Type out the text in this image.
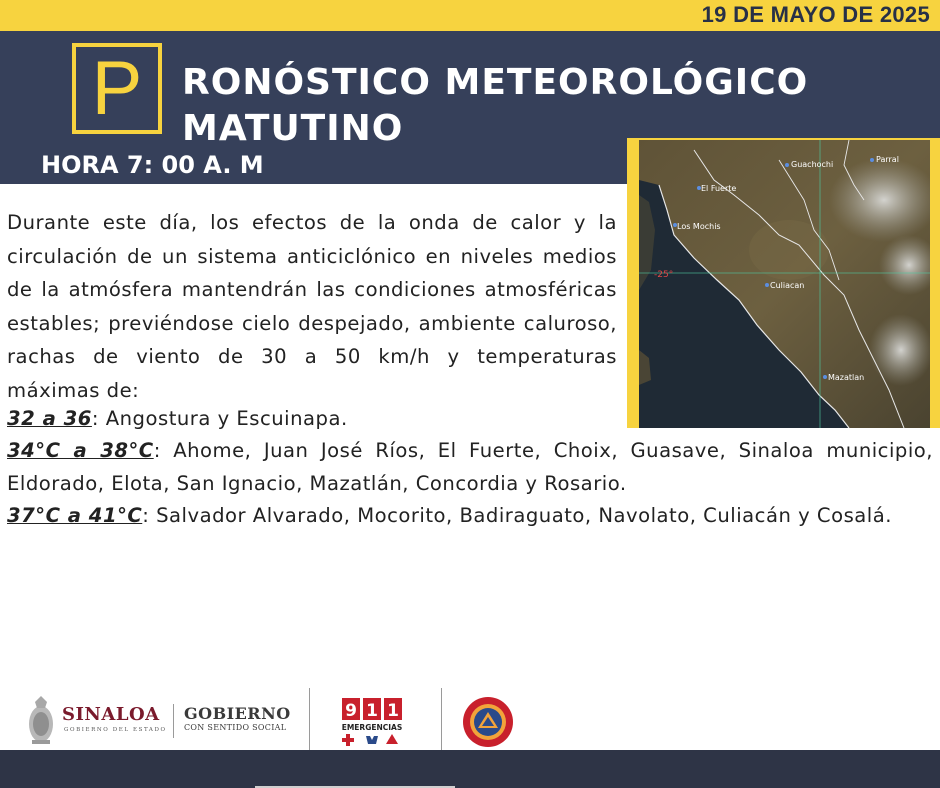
19 DE MAYO DE 2025
P	RONÓSTICO METEOROLÓGICO
MATUTINO
HORA 7: 00 A. M	Guachochi
Parral
El Fuerte
Los Mochis
Culiacan
Mazatlan
-25°
Durante este día, los efectos de la onda de calor y la circulación de un sistema anticiclónico en niveles medios de la atmósfera mantendrán las condiciones atmosféricas estables; previéndose cielo despejado, ambiente caluroso, rachas de viento de 30 a 50 km/h y temperaturas máximas de:
32 a 36: Angostura y Escuinapa.
34°C a 38°C: Ahome, Juan José Ríos, El Fuerte, Choix, Guasave, Sinaloa municipio, Eldorado, Elota, San Ignacio, Mazatlán, Concordia y Rosario.
37°C a 41°C: Salvador Alvarado, Mocorito, Badiraguato, Navolato, Culiacán y Cosalá.
SINALOA
GOBIERNO DEL ESTADO
GOBIERNO
CON SENTIDO SOCIAL
9 1 1
EMERGENCIAS
